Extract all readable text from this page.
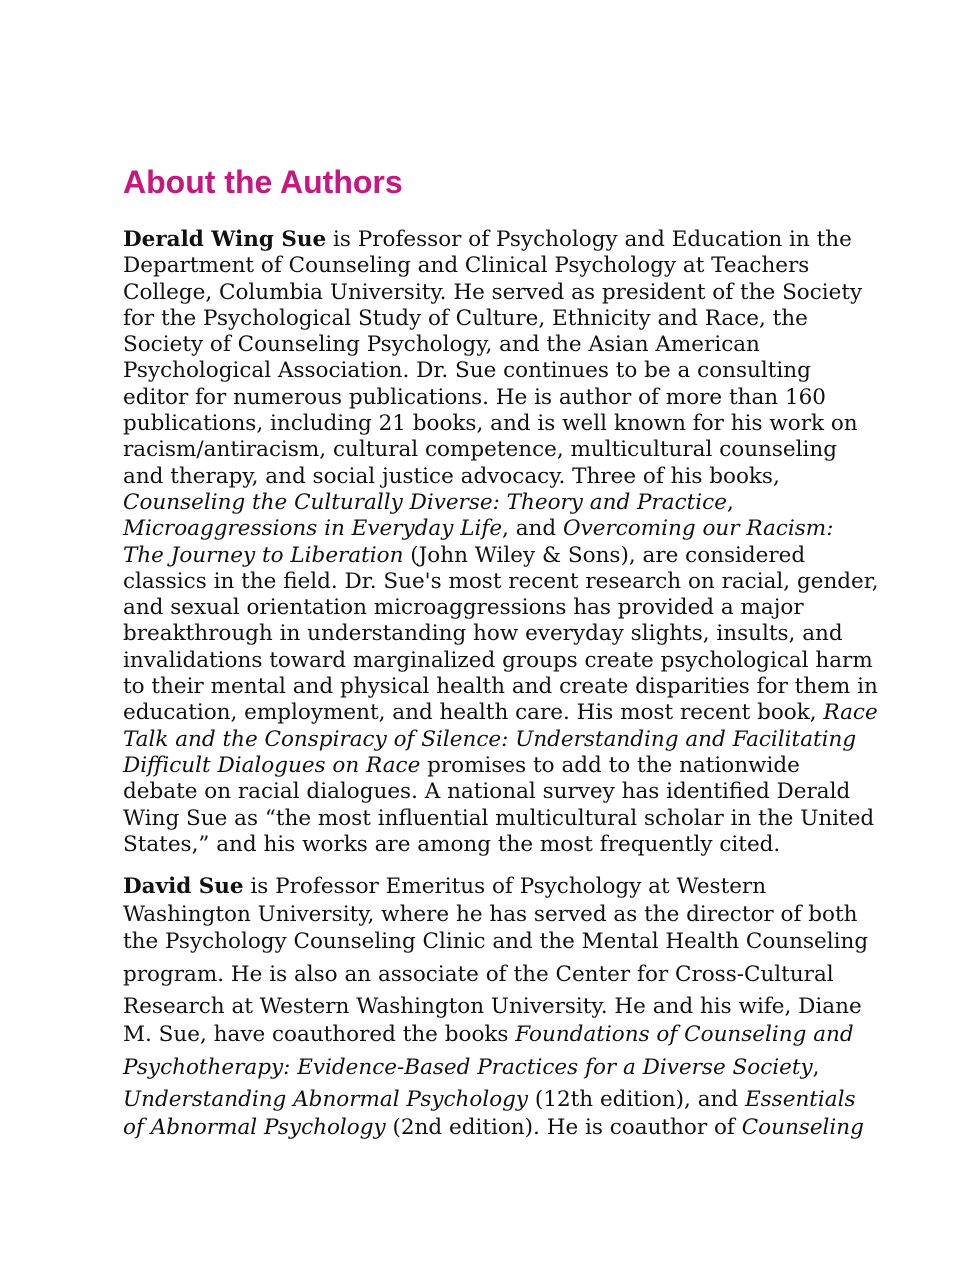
About the Authors

Derald Wing Sue is Professor of Psychology and Education in the
Department of Counseling and Clinical Psychology at Teachers
College, Columbia University. He served as president of the Society
for the Psychological Study of Culture, Ethnicity and Race, the
Society of Counseling Psychology, and the Asian American
Psychological Association. Dr. Sue continues to be a consulting
editor for numerous publications. He is author of more than 160
publications, including 21 books, and is well known for his work on
racism/antiracism, cultural competence, multicultural counseling
and therapy, and social justice advocacy. Three of his books,
Counseling the Culturally Diverse: Theory and Practice,
Microaggressions in Everyday Life, and Overcoming our Racism:
The Journey to Liberation (John Wiley & Sons), are considered
classics in the field. Dr. Sue's most recent research on racial, gender,
and sexual orientation microaggressions has provided a major
breakthrough in understanding how everyday slights, insults, and
invalidations toward marginalized groups create psychological harm
to their mental and physical health and create disparities for them in
education, employment, and health care. His most recent book, Race
Talk and the Conspiracy of Silence: Understanding and Facilitating
Difficult Dialogues on Race promises to add to the nationwide
debate on racial dialogues. A national survey has identified Derald
Wing Sue as “the most influential multicultural scholar in the United
States,” and his works are among the most frequently cited.

David Sue is Professor Emeritus of Psychology at Western
Washington University, where he has served as the director of both
the Psychology Counseling Clinic and the Mental Health Counseling
program. He is also an associate of the Center for Cross-Cultural
Research at Western Washington University. He and his wife, Diane
M. Sue, have coauthored the books Foundations of Counseling and
Psychotherapy: Evidence-Based Practices for a Diverse Society,
Understanding Abnormal Psychology (12th edition), and Essentials
of Abnormal Psychology (2nd edition). He is coauthor of Counseling
